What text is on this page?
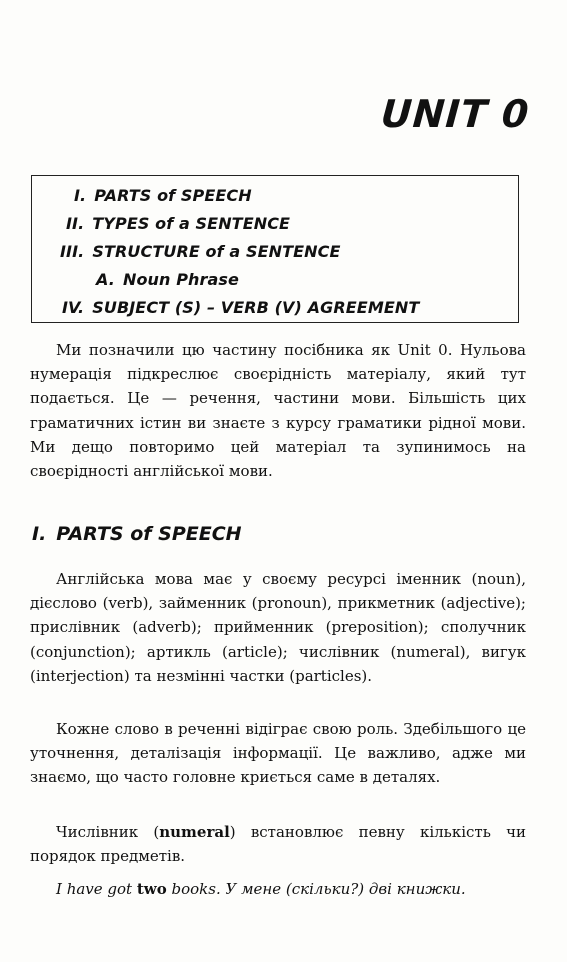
UNIT 0
I. PARTS of SPEECH
II. TYPES of a SENTENCE
III. STRUCTURE of a SENTENCE
A. Noun Phrase
IV. SUBJECT (S) – VERB (V) AGREEMENT

Ми позначили цю частину посібника як Unit 0. Нульова нумерація підкреслює своєрідність матеріалу, який тут подається. Це — речення, частини мови. Більшість цих граматичних істин ви знаєте з курсу граматики рідної мови. Ми дещо повторимо цей матеріал та зупинимось на своєрідності англійської мови.

I. PARTS of SPEECH

Англійська мова має у своєму ресурсі іменник (noun), дієслово (verb), займенник (pronoun), прикметник (adjective); прислівник (adverb); прийменник (preposition); сполучник (conjunction); артикль (article); числівник (numeral), вигук (interjection) та незмінні частки (particles).

Кожне слово в реченні відіграє свою роль. Здебільшого це уточнення, деталізація інформації. Це важливо, адже ми знаємо, що часто головне криється саме в деталях.

Числівник (numeral) встановлює певну кількість чи порядок предметів.

I have got two books. У мене (скільки?) дві книжки.
